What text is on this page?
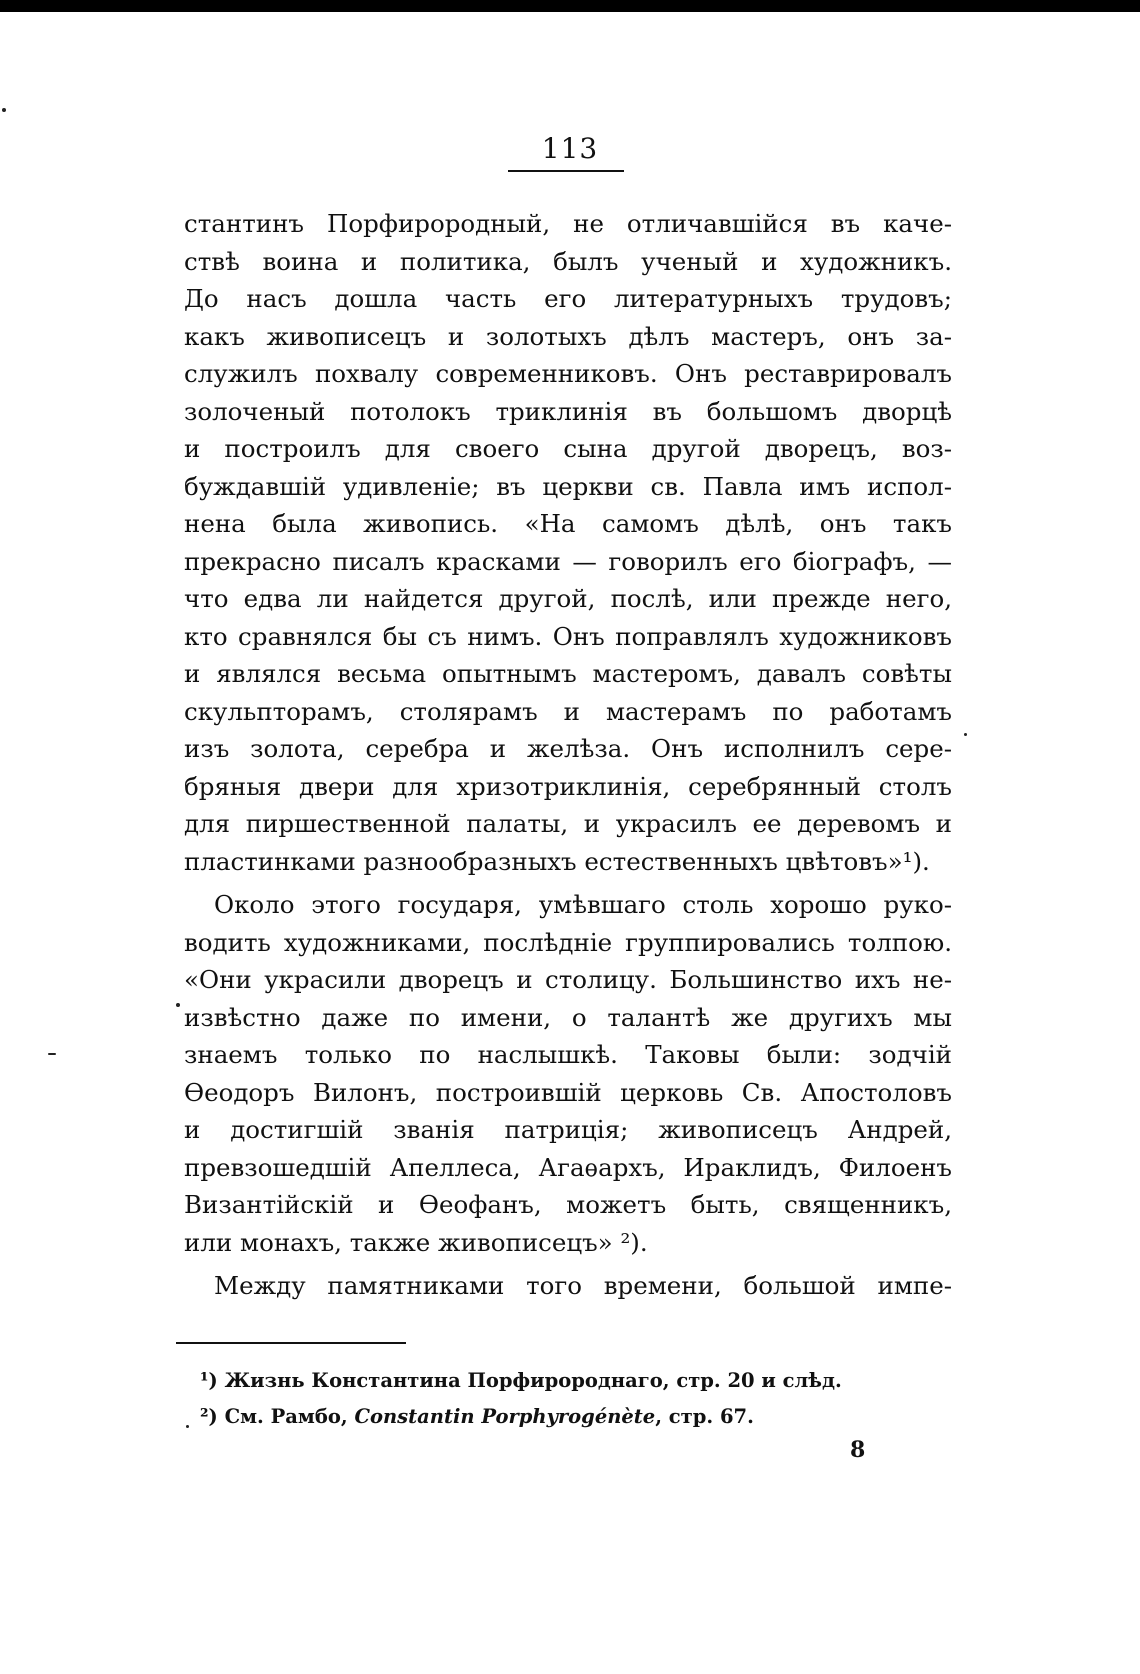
113
стантинъ Порфирородный, не отличавшійся въ каче-
ствѣ воина и политика, былъ ученый и художникъ.
До насъ дошла часть его литературныхъ трудовъ;
какъ живописецъ и золотыхъ дѣлъ мастеръ, онъ за-
служилъ похвалу современниковъ. Онъ реставрировалъ
золоченый потолокъ триклинія въ большомъ дворцѣ
и построилъ для своего сына другой дворецъ, воз-
буждавшій удивленіе; въ церкви св. Павла имъ испол-
нена была живопись. «На самомъ дѣлѣ, онъ такъ
прекрасно писалъ красками — говорилъ его біографъ, —
что едва ли найдется другой, послѣ, или прежде него,
кто сравнялся бы съ нимъ. Онъ поправлялъ художниковъ
и являлся весьма опытнымъ мастеромъ, давалъ совѣты
скульпторамъ, столярамъ и мастерамъ по работамъ
изъ золота, серебра и желѣза. Онъ исполнилъ сере-
бряныя двери для хризотриклинія, серебрянный столъ
для пиршественной палаты, и украсилъ ее деревомъ и
пластинками разнообразныхъ естественныхъ цвѣтовъ»¹).
Около этого государя, умѣвшаго столь хорошо руко-
водить художниками, послѣдніе группировались толпою.
«Они украсили дворецъ и столицу. Большинство ихъ не-
извѣстно даже по имени, о талантѣ же другихъ мы
знаемъ только по наслышкѣ. Таковы были: зодчій
Ѳеодоръ Вилонъ, построившій церковь Св. Апостоловъ
и достигшій званія патриція; живописецъ Андрей,
превзошедшій Апеллеса, Агаѳархъ, Ираклидъ, Филоенъ
Византійскій и Ѳеофанъ, можетъ быть, священникъ,
или монахъ, также живописецъ» ²).
Между памятниками того времени, большой импе-
¹) Жизнь Константина Порфиророднаго, стр. 20 и слѣд.
²) См. Рамбо, Constantin Porphyrogénète, стр. 67.
8
